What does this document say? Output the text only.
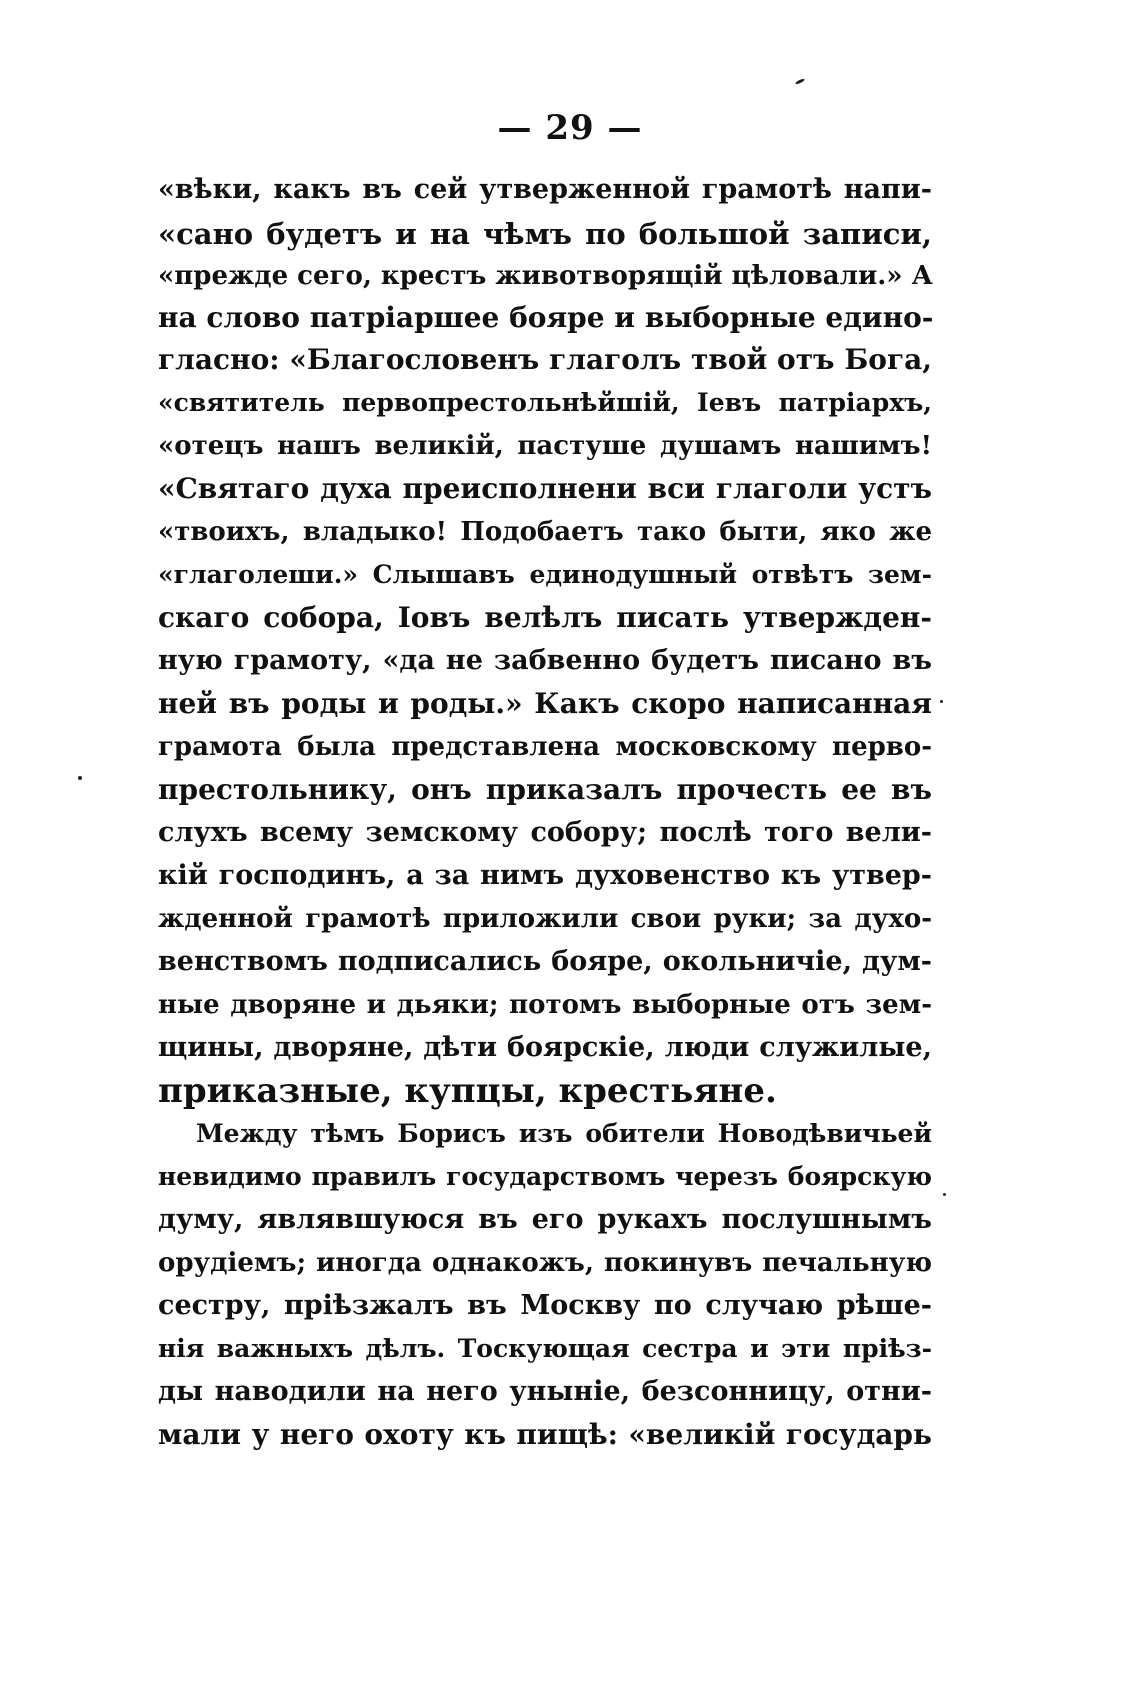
— 29 —
«вѣки, какъ въ сей утверженной грамотѣ напи-
«сано будетъ и на чѣмъ по большой записи,
«прежде сего, крестъ животворящій цѣловали.» А
на слово патріаршее бояре и выборные едино-
гласно: «Благословенъ глаголъ твой отъ Бога,
«святитель первопрестольнѣйшій, Іевъ патріархъ,
«отецъ нашъ великій, пастуше душамъ нашимъ!
«Святаго духа преисполнени вси глаголи устъ
«твоихъ, владыко! Подобаетъ тако быти, яко же
«глаголеши.» Слышавъ единодушный отвѣтъ зем-
скаго собора, Іовъ велѣлъ писать утвержден-
ную грамоту, «да не забвенно будетъ писано въ
ней въ роды и роды.» Какъ скоро написанная
грамота была представлена московскому перво-
престольнику, онъ приказалъ прочесть ее въ
слухъ всему земскому собору; послѣ того вели-
кій господинъ, а за нимъ духовенство къ утвер-
жденной грамотѣ приложили свои руки; за духо-
венствомъ подписались бояре, окольничіе, дум-
ные дворяне и дьяки; потомъ выборные отъ зем-
щины, дворяне, дѣти боярскіе, люди служилые,
приказные, купцы, крестьяне.
Между тѣмъ Борисъ изъ обители Новодѣвичьей
невидимо правилъ государствомъ черезъ боярскую
думу, являвшуюся въ его рукахъ послушнымъ
орудіемъ; иногда однакожъ, покинувъ печальную
сестру, прiѣзжалъ въ Москву по случаю рѣше-
нія важныхъ дѣлъ. Тоскующая сестра и эти прiѣз-
ды наводили на него уныніе, безсонницу, отни-
мали у него охоту къ пищѣ: «великій государь
